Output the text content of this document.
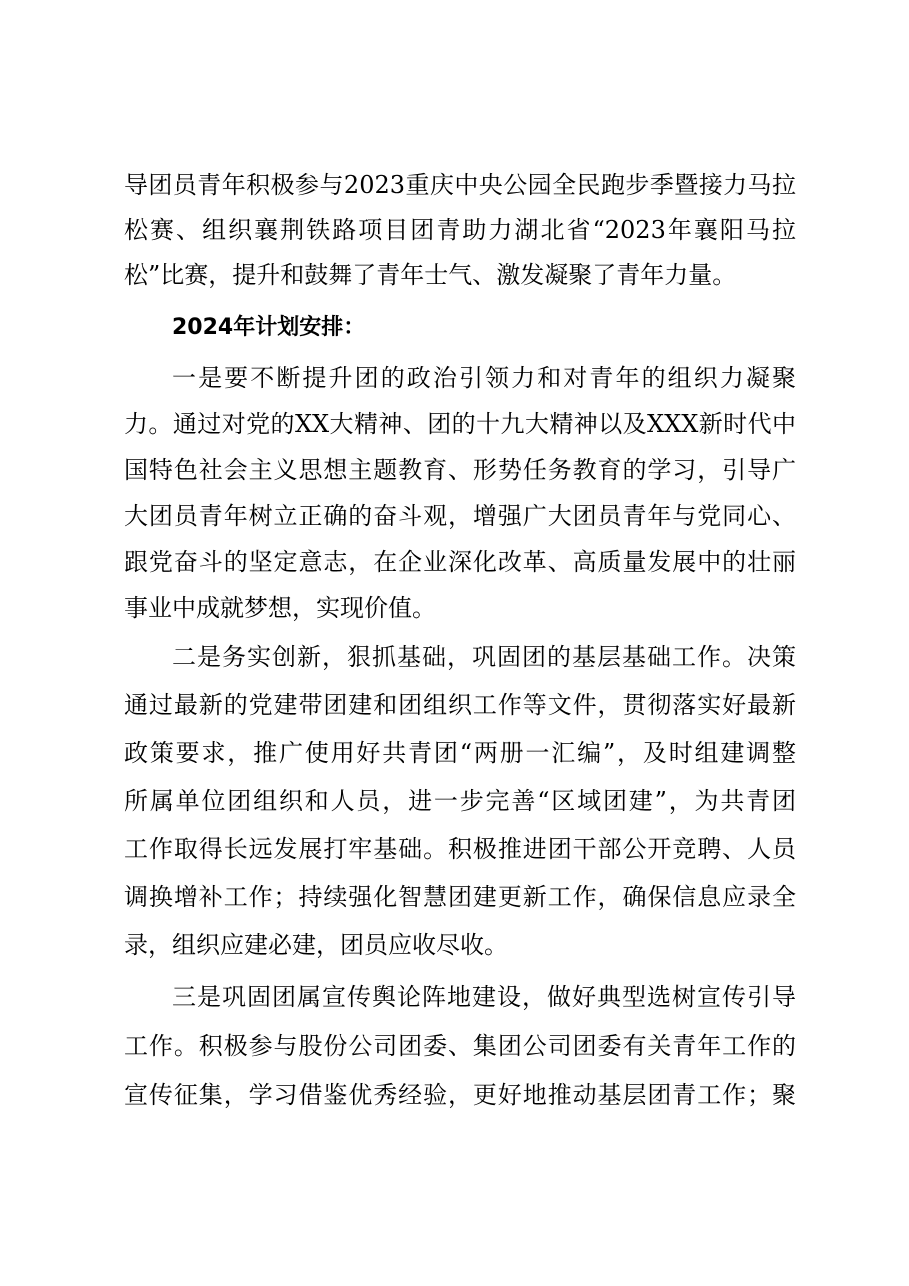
导团员青年积极参与2023重庆中央公园全民跑步季暨接力马拉
松赛、组织襄荆铁路项目团青助力湖北省“2023年襄阳马拉
松”比赛，提升和鼓舞了青年士气、激发凝聚了青年力量。
2024年计划安排：
一是要不断提升团的政治引领力和对青年的组织力凝聚
力。通过对党的XX大精神、团的十九大精神以及XXX新时代中
国特色社会主义思想主题教育、形势任务教育的学习，引导广
大团员青年树立正确的奋斗观，增强广大团员青年与党同心、
跟党奋斗的坚定意志，在企业深化改革、高质量发展中的壮丽
事业中成就梦想，实现价值。
二是务实创新，狠抓基础，巩固团的基层基础工作。决策
通过最新的党建带团建和团组织工作等文件，贯彻落实好最新
政策要求，推广使用好共青团“两册一汇编”，及时组建调整
所属单位团组织和人员，进一步完善“区域团建”，为共青团
工作取得长远发展打牢基础。积极推进团干部公开竞聘、人员
调换增补工作；持续强化智慧团建更新工作，确保信息应录全
录，组织应建必建，团员应收尽收。
三是巩固团属宣传舆论阵地建设，做好典型选树宣传引导
工作。积极参与股份公司团委、集团公司团委有关青年工作的
宣传征集，学习借鉴优秀经验，更好地推动基层团青工作；聚
